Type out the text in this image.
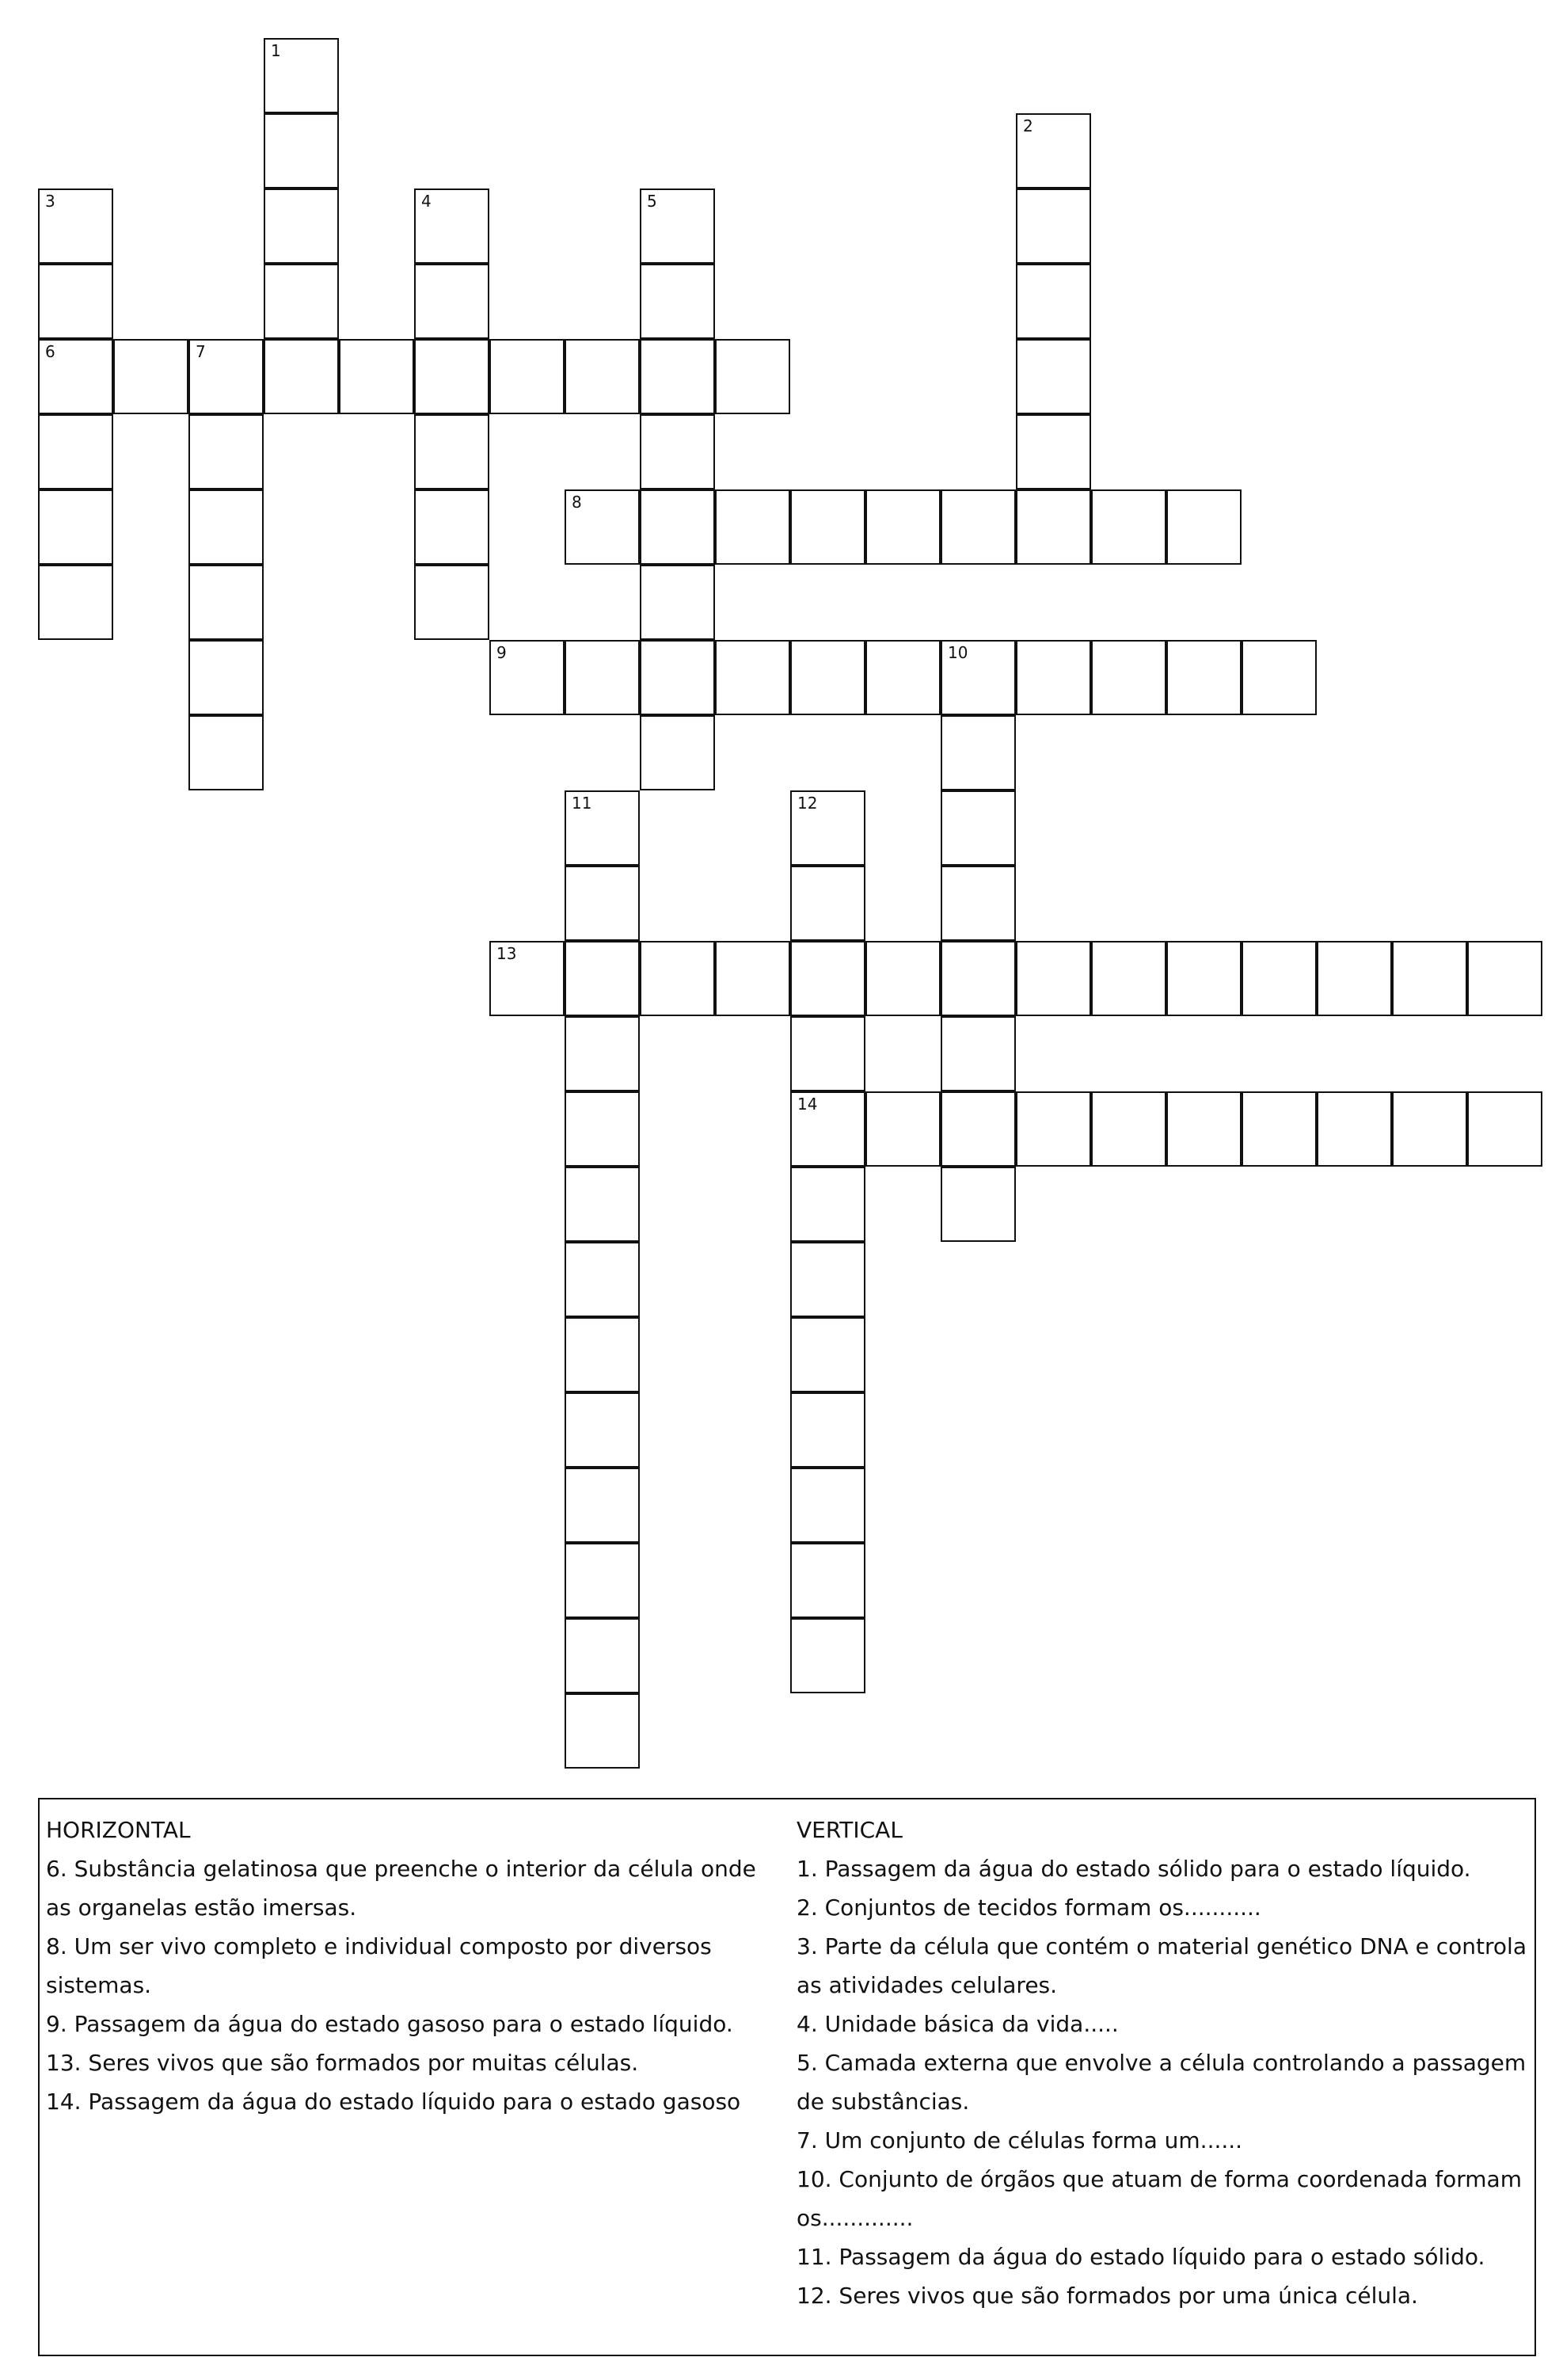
1
2
3
6
4	5
7
8
9	10
11	12
14
13
HORIZONTAL

6. Substância gelatinosa que preenche o interior da célula onde as organelas estão imersas.

8. Um ser vivo completo e individual composto por diversos sistemas.

9. Passagem da água do estado gasoso para o estado líquido.

13. Seres vivos que são formados por muitas células.

14. Passagem da água do estado líquido para o estado gasoso

VERTICAL

1. Passagem da água do estado sólido para o estado líquido.

2. Conjuntos de tecidos formam os...........

3. Parte da célula que contém o material genético DNA e controla as atividades celulares.

4. Unidade básica da vida.....

5. Camada externa que envolve a célula controlando a passagem de substâncias.

7. Um conjunto de células forma um......

10. Conjunto de órgãos que atuam de forma coordenada formam os.............

11. Passagem da água do estado líquido para o estado sólido.

12. Seres vivos que são formados por uma única célula.
